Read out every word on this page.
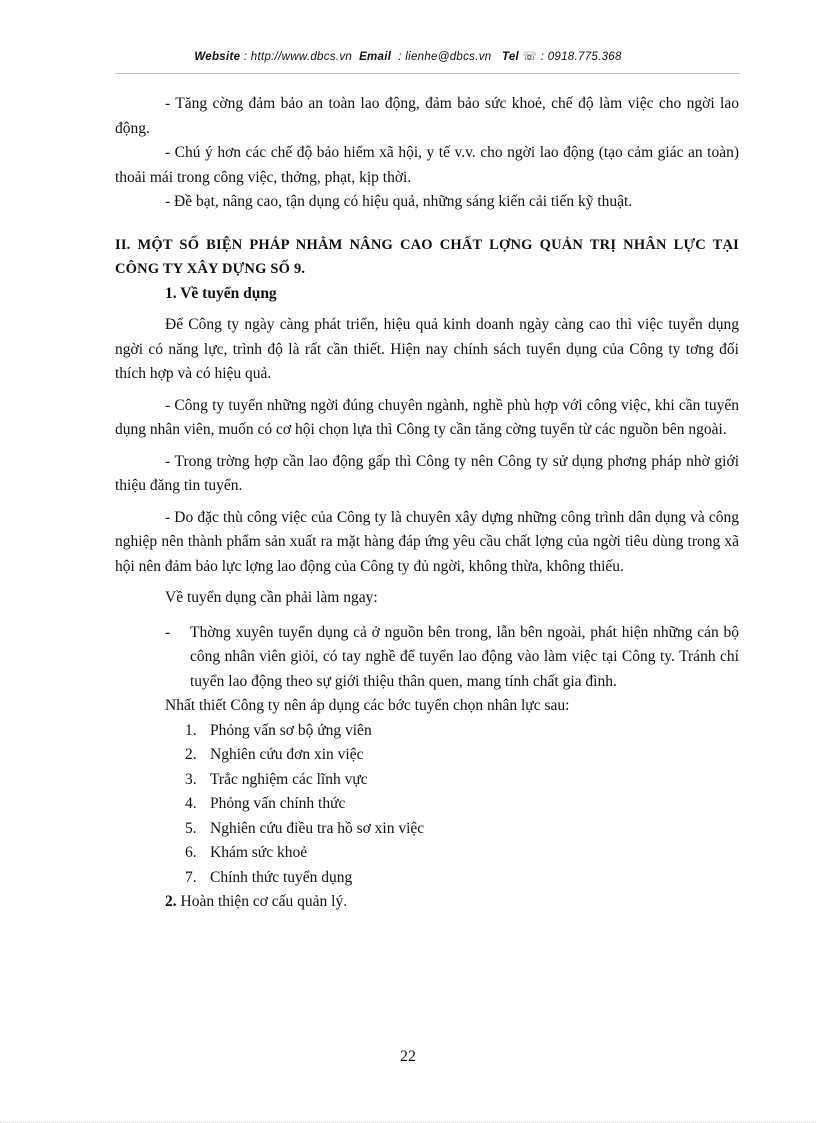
Website : http://www.dbcs.vn Email : lienhe@dbcs.vn Tel ☏ : 0918.775.368

- Tăng cờng đảm bảo an toàn lao động, đảm bảo sức khoẻ, chế độ làm việc cho ngời lao động.

- Chú ý hơn các chế độ bảo hiểm xã hội, y tế v.v. cho ngời lao động (tạo cảm giác an toàn) thoải mái trong công việc, thởng, phạt, kịp thời.

- Đề bạt, nâng cao, tận dụng có hiệu quả, những sáng kiến cải tiến kỹ thuật.

II. MỘT SỐ BIỆN PHÁP NHẰM NÂNG CAO CHẤT LỢNG QUẢN TRỊ NHÂN LỰC TẠI CÔNG TY XÂY DỰNG SỐ 9.

1. Về tuyển dụng

Để Công ty ngày càng phát triển, hiệu quả kinh doanh ngày càng cao thì việc tuyển dụng ngời có năng lực, trình độ là rất cần thiết. Hiện nay chính sách tuyển dụng của Công ty tơng đối thích hợp và có hiệu quả.

- Công ty tuyển những ngời đúng chuyên ngành, nghề phù hợp với công việc, khi cần tuyển dụng nhân viên, muốn có cơ hội chọn lựa thì Công ty cần tăng cờng tuyển từ các nguồn bên ngoài.

- Trong trờng hợp cần lao động gấp thì Công ty nên Công ty sử dụng phơng pháp nhờ giới thiệu đăng tin tuyển.

- Do đặc thù công việc của Công ty là chuyên xây dựng những công trình dân dụng và công nghiệp nên thành phẩm sản xuất ra mặt hàng đáp ứng yêu cầu chất lợng của ngời tiêu dùng trong xã hội nên đảm bảo lực lợng lao động của Công ty đủ ngời, không thừa, không thiếu.

Về tuyển dụng cần phải làm ngay:

-	Thờng xuyên tuyển dụng cả ở nguồn bên trong, lẫn bên ngoài, phát hiện những cán bộ công nhân viên giỏi, có tay nghề để tuyển lao động vào làm việc tại Công ty. Tránh chỉ tuyển lao động theo sự giới thiệu thân quen, mang tính chất gia đình.

Nhất thiết Công ty nên áp dụng các bớc tuyển chọn nhân lực sau:

1. Phỏng vấn sơ bộ ứng viên
2. Nghiên cứu đơn xin việc
3. Trắc nghiệm các lĩnh vực
4. Phỏng vấn chính thức
5. Nghiên cứu điều tra hồ sơ xin việc
6. Khám sức khoẻ
7. Chính thức tuyển dụng

2. Hoàn thiện cơ cấu quản lý.

22
